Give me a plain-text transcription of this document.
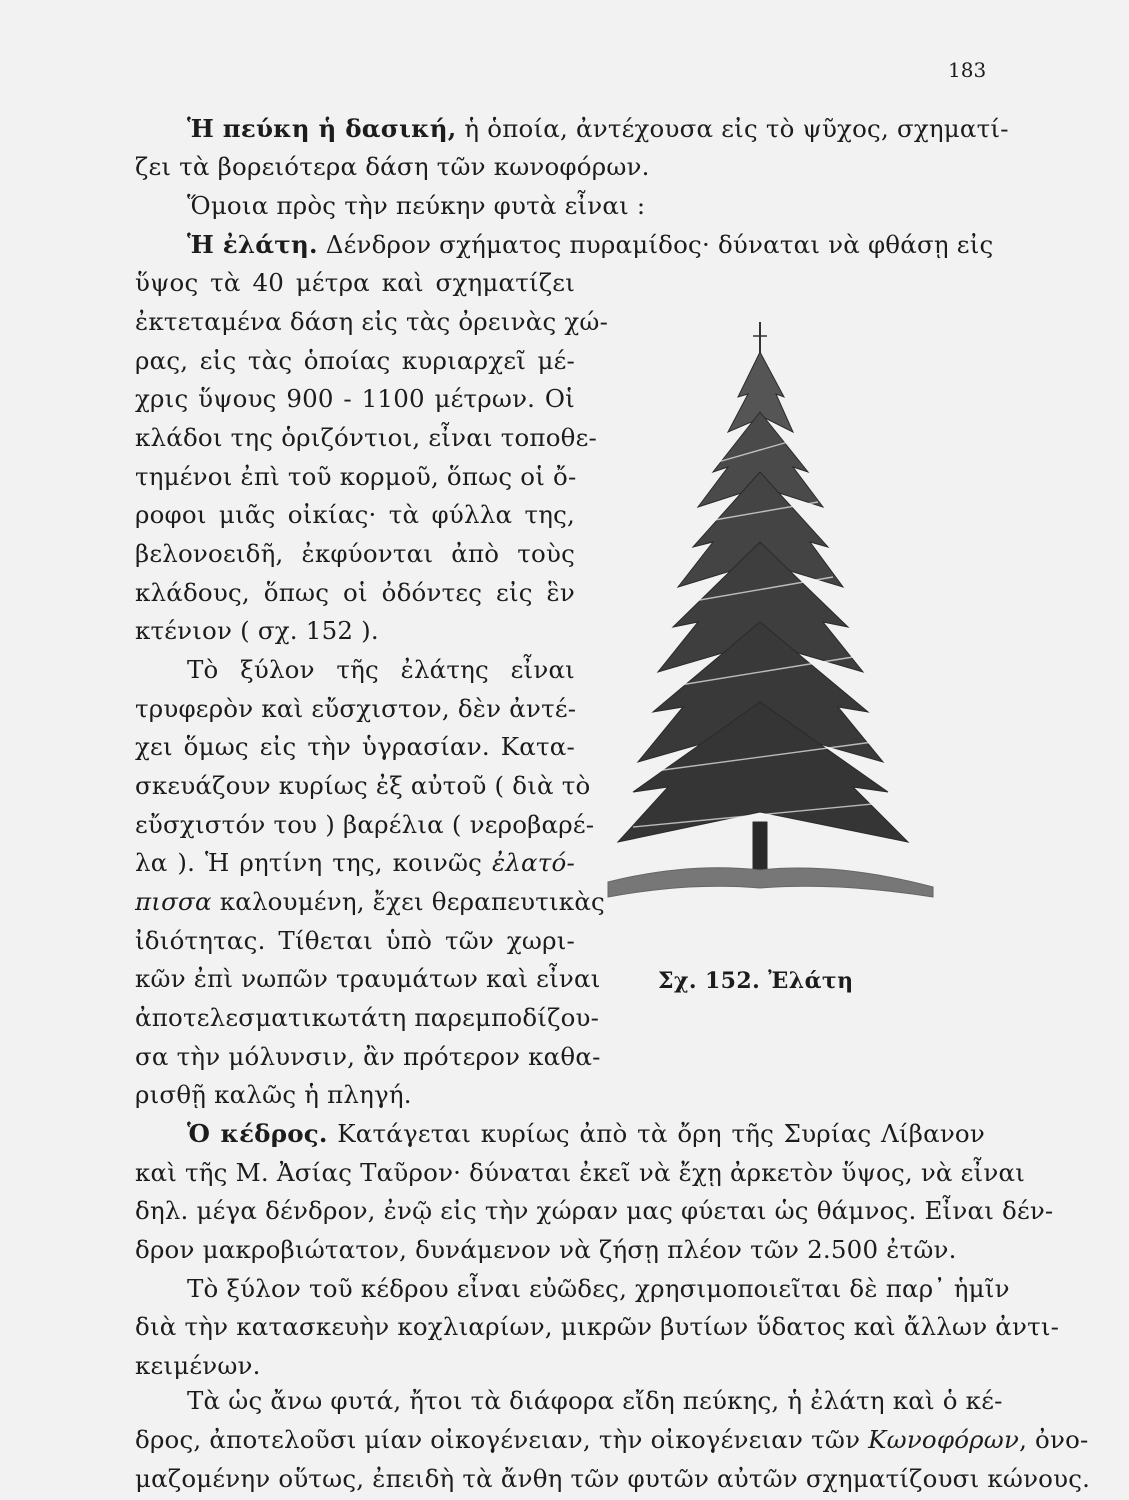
183
Ἡ πεύκη ἡ δασική, ἡ ὁποία, ἀντέχουσα εἰς τὸ ψῦχος, σχηματί-
ζει τὰ βορειότερα δάση τῶν κωνοφόρων.
Ὅμοια πρὸς τὴν πεύκην φυτὰ εἶναι :
Ἡ ἐλάτη. Δένδρον σχήματος πυραμίδος· δύναται νὰ φθάσῃ εἰς
ὕψος τὰ 40 μέτρα καὶ σχηματίζει
ἐκτεταμένα δάση εἰς τὰς ὀρεινὰς χώ-
ρας, εἰς τὰς ὁποίας κυριαρχεῖ μέ-
χρις ὕψους 900 - 1100 μέτρων. Οἱ
κλάδοι της ὁριζόντιοι, εἶναι τοποθε-
τημένοι ἐπὶ τοῦ κορμοῦ, ὅπως οἱ ὄ-
ροφοι μιᾶς οἰκίας· τὰ φύλλα της,
βελονοειδῆ, ἐκφύονται ἀπὸ τοὺς
κλάδους, ὅπως οἱ ὀδόντες εἰς ἓν
κτένιον ( σχ. 152 ).
Τὸ ξύλον τῆς ἐλάτης εἶναι
τρυφερὸν καὶ εὔσχιστον, δὲν ἀντέ-
χει ὅμως εἰς τὴν ὑγρασίαν. Κατα-
σκευάζουν κυρίως ἐξ αὐτοῦ ( διὰ τὸ
εὔσχιστόν του ) βαρέλια ( νεροβαρέ-
λα ). Ἡ ρητίνη της, κοινῶς ἐλατό-
πισσα καλουμένη, ἔχει θεραπευτικὰς
ἰδιότητας. Τίθεται ὑπὸ τῶν χωρι-
κῶν ἐπὶ νωπῶν τραυμάτων καὶ εἶναι
ἀποτελεσματικωτάτη παρεμποδίζου-
σα τὴν μόλυνσιν, ἂν πρότερον καθα-
ρισθῇ καλῶς ἡ πληγή.
Ὁ κέδρος. Κατάγεται κυρίως ἀπὸ τὰ ὄρη τῆς Συρίας Λίβανον
καὶ τῆς Μ. Ἀσίας Ταῦρον· δύναται ἐκεῖ νὰ ἔχῃ ἀρκετὸν ὕψος, νὰ εἶναι
δηλ. μέγα δένδρον, ἐνῷ εἰς τὴν χώραν μας φύεται ὡς θάμνος. Εἶναι δέν-
δρον μακροβιώτατον, δυνάμενον νὰ ζήσῃ πλέον τῶν 2.500 ἐτῶν.
Τὸ ξύλον τοῦ κέδρου εἶναι εὐῶδες, χρησιμοποιεῖται δὲ παρ᾽ ἡμῖν
διὰ τὴν κατασκευὴν κοχλιαρίων, μικρῶν βυτίων ὕδατος καὶ ἄλλων ἀντι-
κειμένων.
Τὰ ὡς ἄνω φυτά, ἤτοι τὰ διάφορα εἴδη πεύκης, ἡ ἐλάτη καὶ ὁ κέ-
δρος, ἀποτελοῦσι μίαν οἰκογένειαν, τὴν οἰκογένειαν τῶν Κωνοφόρων, ὀνο-
Σχ. 152. Ἐλάτη
μαζομένην οὕτως, ἐπειδὴ τὰ ἄνθη τῶν φυτῶν αὐτῶν σχηματίζουσι κώνους.
